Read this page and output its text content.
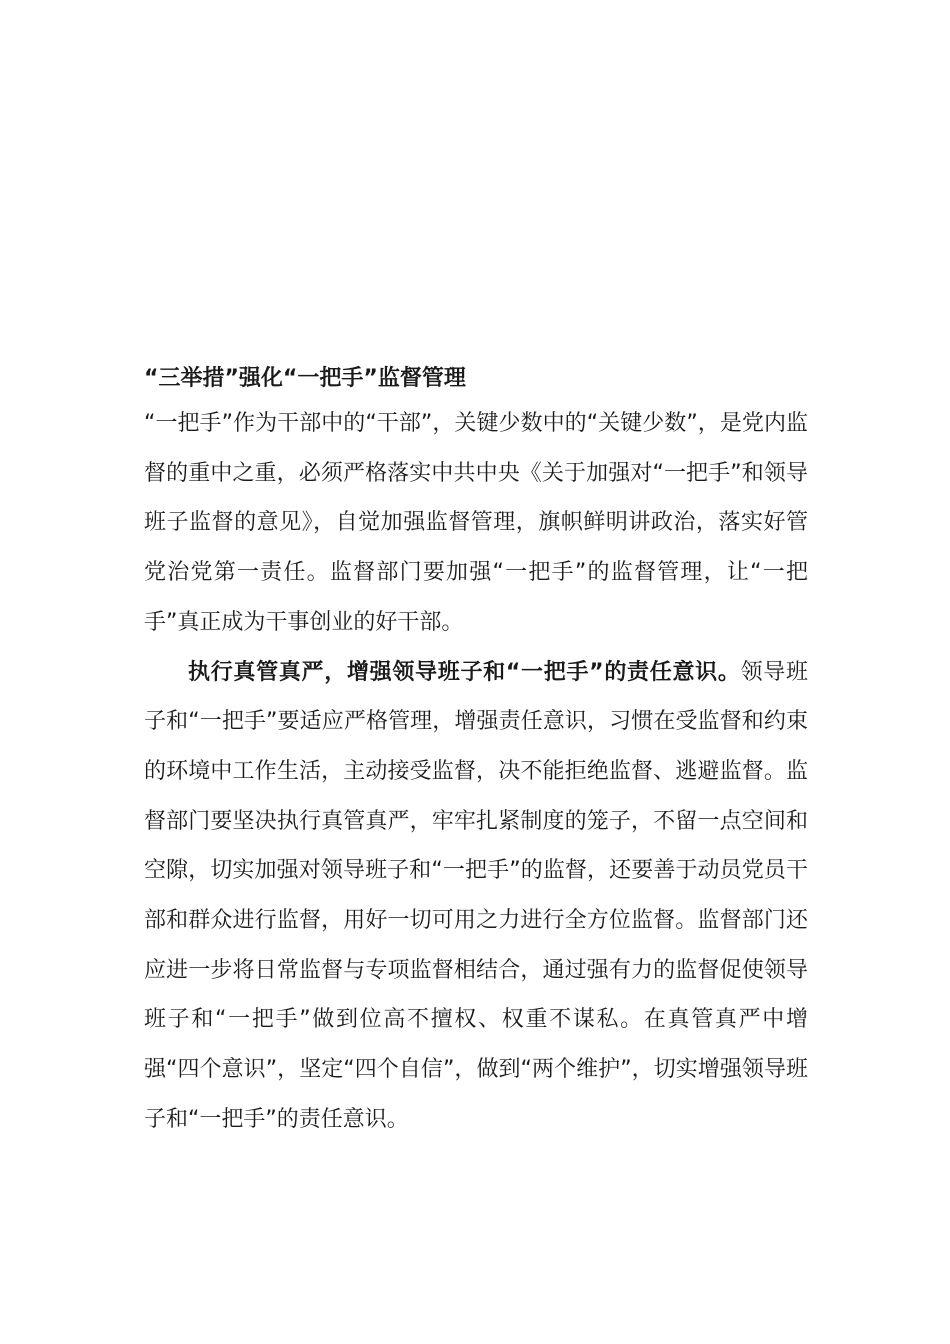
“三举措”强化“一把手”监督管理

“一把手”作为干部中的“干部”，关键少数中的“关键少数”，是党内监督的重中之重，必须严格落实中共中央《关于加强对“一把手”和领导班子监督的意见》，自觉加强监督管理，旗帜鲜明讲政治，落实好管党治党第一责任。监督部门要加强“一把手”的监督管理，让“一把手”真正成为干事创业的好干部。

执行真管真严，增强领导班子和“一把手”的责任意识。领导班子和“一把手”要适应严格管理，增强责任意识，习惯在受监督和约束的环境中工作生活，主动接受监督，决不能拒绝监督、逃避监督。监督部门要坚决执行真管真严，牢牢扎紧制度的笼子，不留一点空间和空隙，切实加强对领导班子和“一把手”的监督，还要善于动员党员干部和群众进行监督，用好一切可用之力进行全方位监督。监督部门还应进一步将日常监督与专项监督相结合，通过强有力的监督促使领导班子和“一把手”做到位高不擅权、权重不谋私。在真管真严中增强“四个意识”，坚定“四个自信”，做到“两个维护”，切实增强领导班子和“一把手”的责任意识。
